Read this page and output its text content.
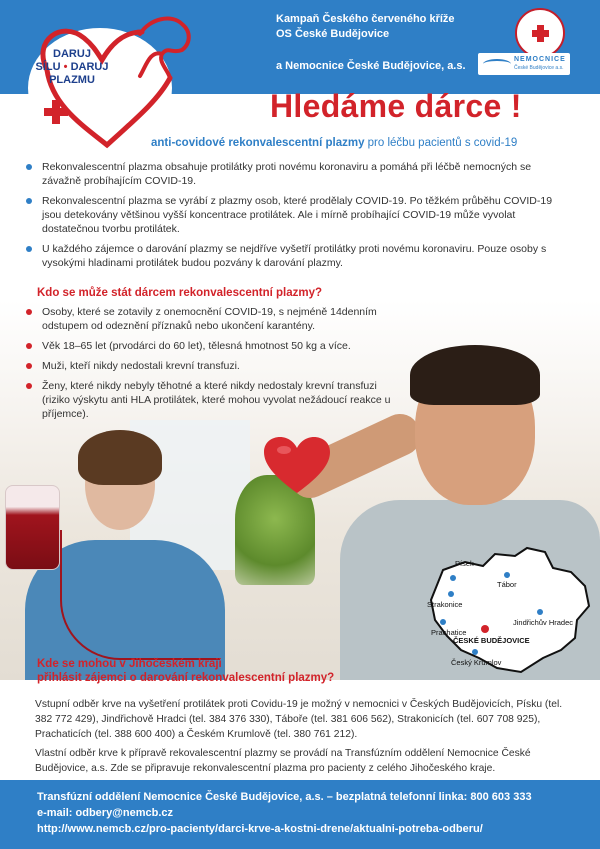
Kampaň Českého červeného kříže
OS České Budějovice
a Nemocnice České Budějovice, a.s.
NEMOCNICE
České Budějovice a.s.
DARUJ
SÍLU • DARUJ
PLAZMU
Hledáme dárce !
anti-covidové rekonvalescentní plazmy pro léčbu pacientů s covid-19
Rekonvalescentní plazma obsahuje protilátky proti novému koronaviru a pomáhá při léčbě nemocných se závažně probíhajícím COVID-19.
Rekonvalescentní plazma se vyrábí z plazmy osob, které prodělaly COVID-19. Po těžkém průběhu COVID-19 jsou detekovány většinou vyšší koncentrace protilátek. Ale i mírně probíhající COVID-19 může vyvolat dostatečnou tvorbu protilátek.
U každého zájemce o darování plazmy se nejdříve vyšetří protilátky proti novému koronaviru. Pouze osoby s vysokými hladinami protilátek budou pozvány k darování plazmy.
Kdo se může stát dárcem rekonvalescentní plazmy?
Osoby, které se zotavily z onemocnění COVID-19, s nejméně 14denním odstupem od odeznění příznaků nebo ukončení karantény.
Věk 18–65 let (prvodárci do 60 let), tělesná hmotnost 50 kg a více.
Muži, kteří nikdy nedostali krevní transfuzi.
Ženy, které nikdy nebyly těhotné a které nikdy nedostaly krevní transfuzi (riziko výskytu anti HLA protilátek, které mohou vyvolat nežádoucí reakce u příjemce).
Písek
Tábor
Strakonice
Jindřichův Hradec
Prachatice
ČESKÉ BUDĚJOVICE
Český Krumlov
Kde se mohou v Jihočeském kraji
přihlásit zájemci o darování rekonvalescentní plazmy?

Vstupní odběr krve na vyšetření protilátek proti Covidu-19 je možný v nemocnici v Českých Budějovicích, Písku (tel. 382 772 429), Jindřichově Hradci (tel. 384 376 330), Táboře (tel. 381 606 562), Strakonicích (tel. 607 708 925), Prachaticích (tel. 388 600 400) a Českém Krumlově (tel. 380 761 212).

Vlastní odběr krve k přípravě rekovalescentní plazmy se provádí na Transfúzním oddělení Nemocnice České Budějovice, a.s. Zde se připravuje rekonvalescentní plazma pro pacienty z celého Jihočeského kraje.

Transfúzní oddělení Nemocnice České Budějovice, a.s. – bezplatná telefonní linka: 800 603 333
e-mail: odbery@nemcb.cz
http://www.nemcb.cz/pro-pacienty/darci-krve-a-kostni-drene/aktualni-potreba-odberu/
